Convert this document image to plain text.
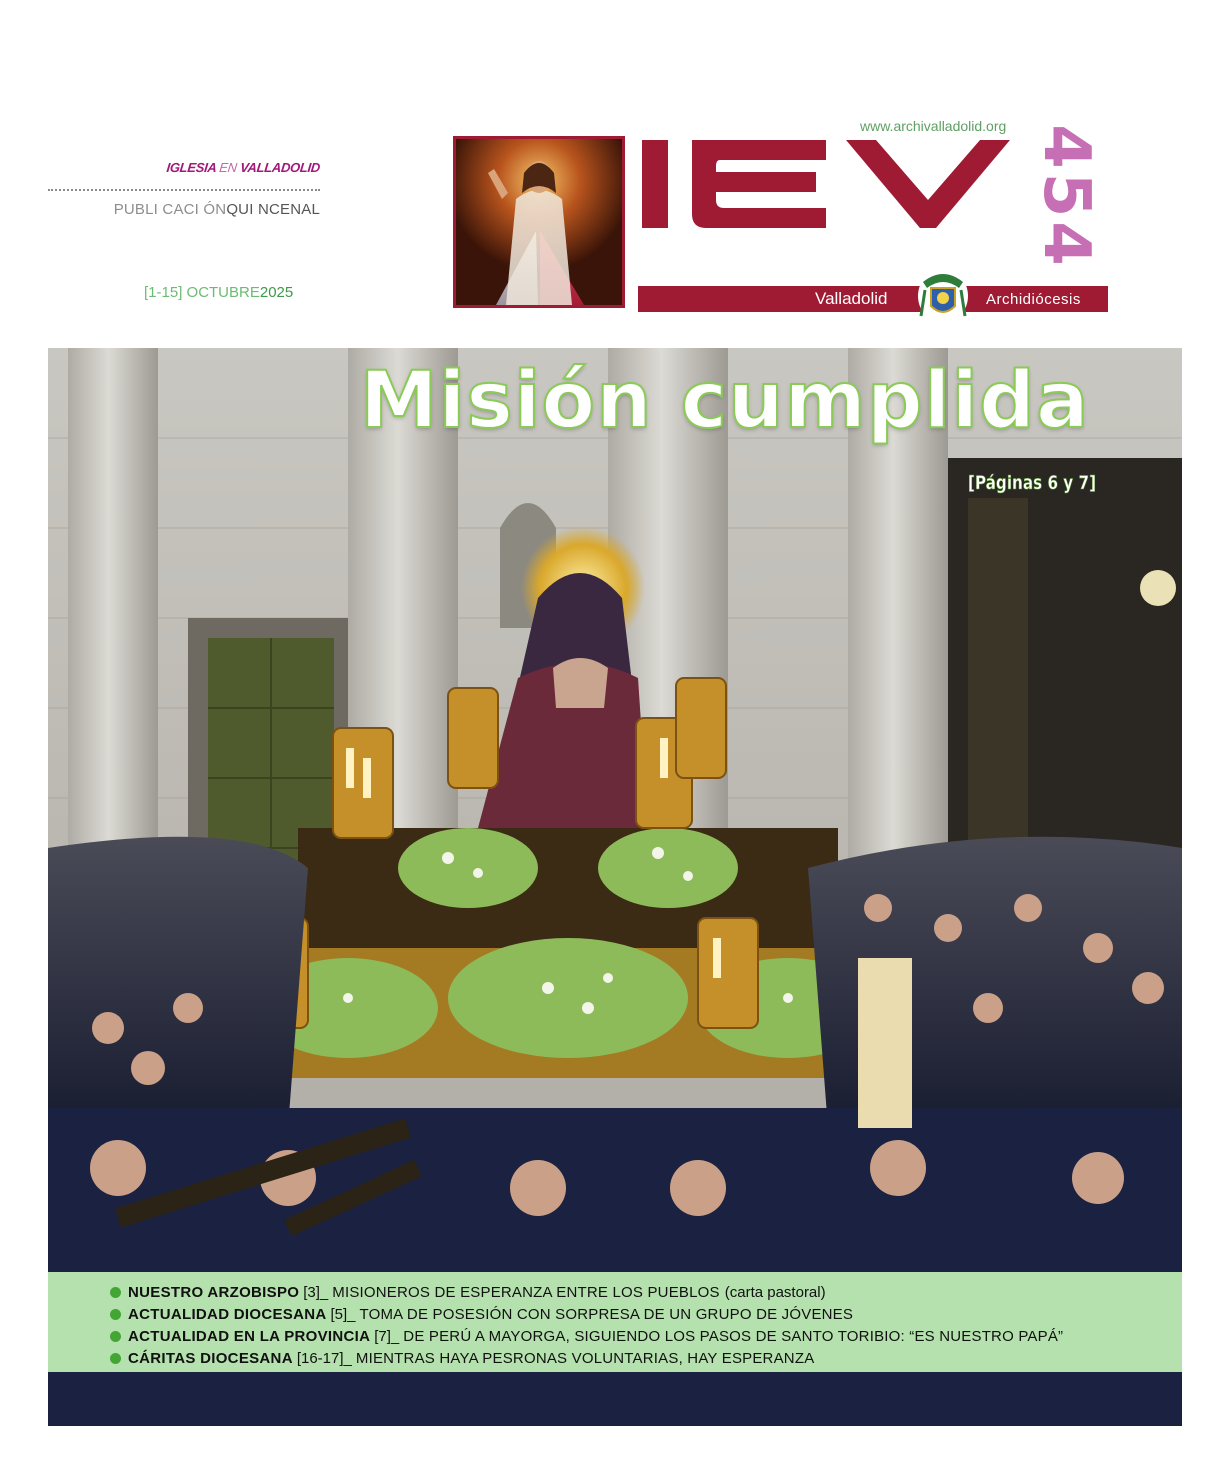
IGLESIA EN VALLADOLID
PUBLI CACI ÓNQUI NCENAL
[1-15] OCTUBRE2025
www.archivalladolid.org 454
Valladolid	Archidiócesis
Misión cumplida
[Páginas 6 y 7]
NUESTRO ARZOBISPO [3]_ MISIONEROS DE ESPERANZA ENTRE LOS PUEBLOS (carta pastoral)
ACTUALIDAD DIOCESANA [5]_ TOMA DE POSESIÓN CON SORPRESA DE UN GRUPO DE JÓVENES
ACTUALIDAD EN LA PROVINCIA [7]_ DE PERÚ A MAYORGA, SIGUIENDO LOS PASOS DE SANTO TORIBIO: “ES NUESTRO PAPÁ”
CÁRITAS DIOCESANA [16-17]_ MIENTRAS HAYA PESRONAS VOLUNTARIAS, HAY ESPERANZA
